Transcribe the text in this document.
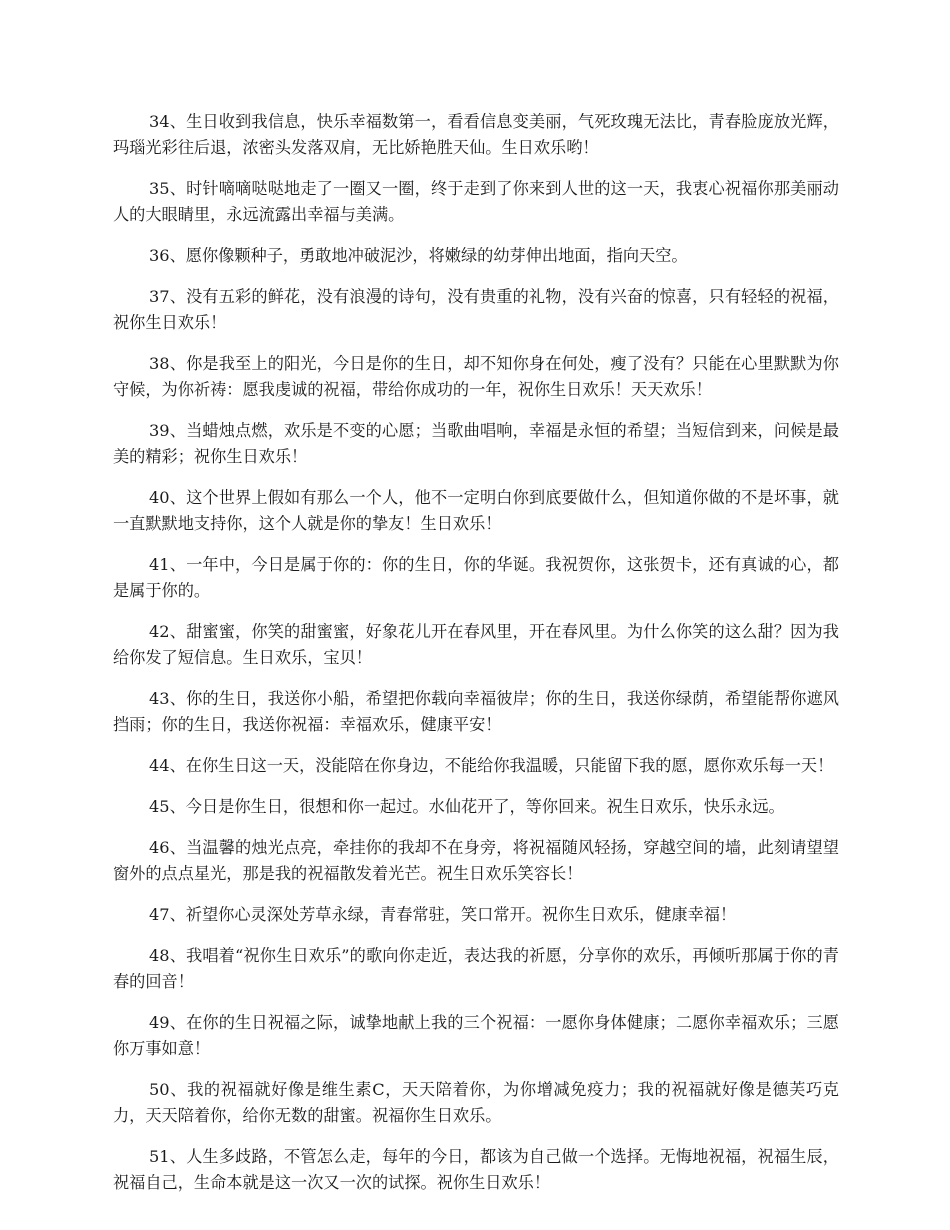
34、生日收到我信息，快乐幸福数第一，看看信息变美丽，气死玫瑰无法比，青春脸庞放光辉，玛瑙光彩往后退，浓密头发落双肩，无比娇艳胜天仙。生日欢乐哟！

35、时针嘀嘀哒哒地走了一圈又一圈，终于走到了你来到人世的这一天，我衷心祝福你那美丽动人的大眼睛里，永远流露出幸福与美满。

36、愿你像颗种子，勇敢地冲破泥沙，将嫩绿的幼芽伸出地面，指向天空。

37、没有五彩的鲜花，没有浪漫的诗句，没有贵重的礼物，没有兴奋的惊喜，只有轻轻的祝福，祝你生日欢乐！

38、你是我至上的阳光，今日是你的生日，却不知你身在何处，瘦了没有？只能在心里默默为你守候，为你祈祷：愿我虔诚的祝福，带给你成功的一年，祝你生日欢乐！天天欢乐！

39、当蜡烛点燃，欢乐是不变的心愿；当歌曲唱响，幸福是永恒的希望；当短信到来，问候是最美的精彩；祝你生日欢乐！

40、这个世界上假如有那么一个人，他不一定明白你到底要做什么，但知道你做的不是坏事，就一直默默地支持你，这个人就是你的挚友！生日欢乐！

41、一年中，今日是属于你的：你的生日，你的华诞。我祝贺你，这张贺卡，还有真诚的心，都是属于你的。

42、甜蜜蜜，你笑的甜蜜蜜，好象花儿开在春风里，开在春风里。为什么你笑的这么甜？因为我给你发了短信息。生日欢乐，宝贝！

43、你的生日，我送你小船，希望把你载向幸福彼岸；你的生日，我送你绿荫，希望能帮你遮风挡雨；你的生日，我送你祝福：幸福欢乐，健康平安！

44、在你生日这一天，没能陪在你身边，不能给你我温暖，只能留下我的愿，愿你欢乐每一天！

45、今日是你生日，很想和你一起过。水仙花开了，等你回来。祝生日欢乐，快乐永远。

46、当温馨的烛光点亮，牵挂你的我却不在身旁，将祝福随风轻扬，穿越空间的墙，此刻请望望窗外的点点星光，那是我的祝福散发着光芒。祝生日欢乐笑容长！

47、祈望你心灵深处芳草永绿，青春常驻，笑口常开。祝你生日欢乐，健康幸福！

48、我唱着“祝你生日欢乐”的歌向你走近，表达我的祈愿，分享你的欢乐，再倾听那属于你的青春的回音！

49、在你的生日祝福之际，诚挚地献上我的三个祝福：一愿你身体健康；二愿你幸福欢乐；三愿你万事如意！

50、我的祝福就好像是维生素C，天天陪着你，为你增减免疫力；我的祝福就好像是德芙巧克力，天天陪着你，给你无数的甜蜜。祝福你生日欢乐。

51、人生多歧路，不管怎么走，每年的今日，都该为自己做一个选择。无悔地祝福，祝福生辰，祝福自己，生命本就是这一次又一次的试探。祝你生日欢乐！
